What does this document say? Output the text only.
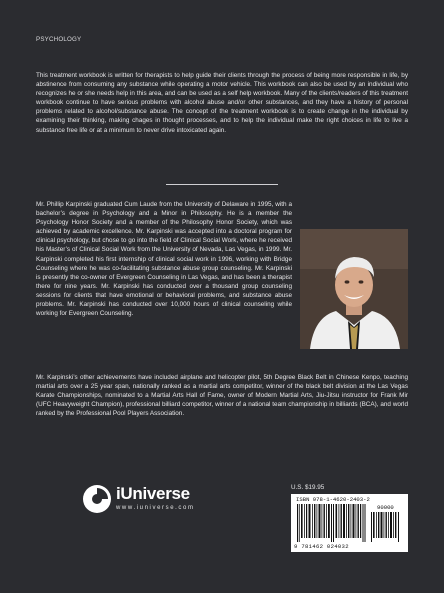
PSYCHOLOGY

This treatment workbook is written for therapists to help guide their clients through the process of being more responsible in life, by abstinence from consuming any substance while operating a motor vehicle. This workbook can also be used by an individual who recognizes he or she needs help in this area, and can be used as a self help workbook. Many of the clients/readers of this treatment workbook continue to have serious problems with alcohol abuse and/or other substances, and they have a history of personal problems related to alcohol/substance abuse. The concept of the treatment workbook is to create change in the individual by examining their thinking, making chages in thought processes, and to help the individual make the right choices in life to live a substance free life or at a minimum to never drive intoxicated again.

Mr. Phillip Karpinski graduated Cum Laude from the University of Delaware in 1995, with a bachelor’s degree in Psychology and a Minor in Philosophy. He is a member the Psychology Honor Society and a member of the Philosophy Honor Society, which was achieved by academic excellence. Mr. Karpinski was accepted into a doctoral program for clinical psychology, but chose to go into the field of Clinical Social Work, where he received his Master’s of Clinical Social Work from the University of Nevada, Las Vegas, in 1999. Mr. Karpinski completed his first internship of clinical social work in 1996, working with Bridge Counseling where he was co-facilitating substance abuse group counseling. Mr. Karpinski is presently the co-owner of Evergreen Counseling in Las Vegas, and has been a therapist there for nine years. Mr. Karpinski has conducted over a thousand group counseling sessions for clients that have emotional or behavioral problems, and substance abuse problems. Mr. Karpinski has conducted over 10,000 hours of clinical counseling while working for Evergreen Counseling.

Mr. Karpinski’s other achievements have included airplane and helicopter pilot, 5th Degree Black Belt in Chinese Kenpo, teaching martial arts over a 25 year span, nationally ranked as a martial arts competitor, winner of the black belt division at the Las Vegas Karate Championships, nominated to a Martial Arts Hall of Fame, owner of Modern Martial Arts, Jiu-Jitsu instructor for Frank Mir (UFC Heavyweight Champion), professional billiard competitor, winner of a national team championship in billiards (BCA), and world ranked by the Professional Pool Players Association.

iUniverse
www.iuniverse.com
U.S. $19.95
ISBN 978-1-4620-2403-2
90000
9 781462 024032
